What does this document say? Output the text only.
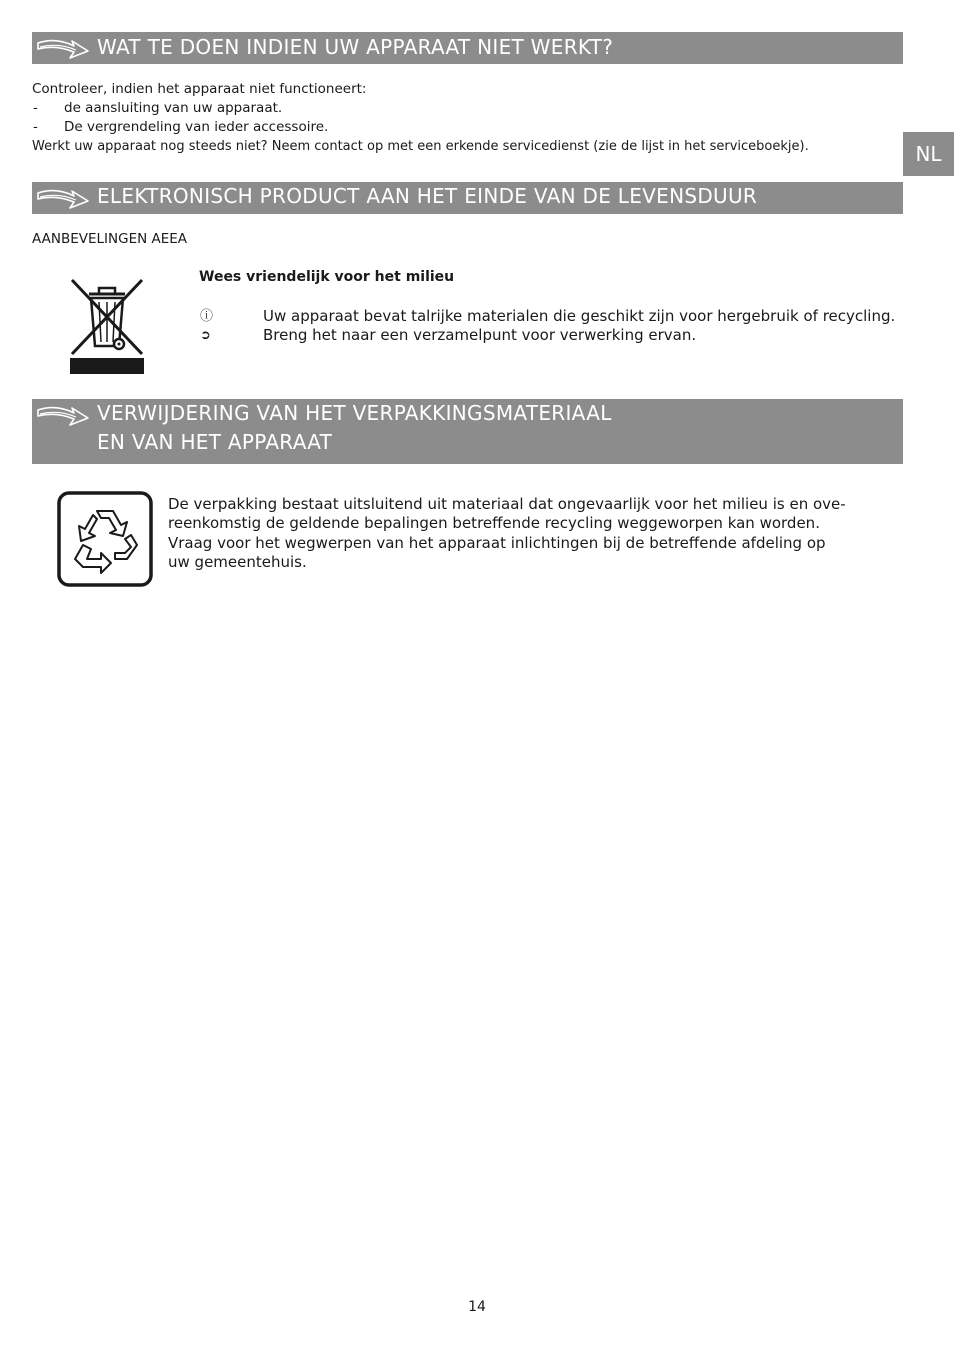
WAT TE DOEN INDIEN UW APPARAAT NIET WERKT?
Controleer, indien het apparaat niet functioneert:
- de aansluiting van uw apparaat.
- De vergrendeling van ieder accessoire.
Werkt uw apparaat nog steeds niet? Neem contact op met een erkende servicedienst (zie de lijst in het serviceboekje).	NL
ELEKTRONISCH PRODUCT AAN HET EINDE VAN DE LEVENSDUUR
AANBEVELINGEN AEEA
Wees vriendelijk voor het milieu
ⓘ	Uw apparaat bevat talrijke materialen die geschikt zijn voor hergebruik of recycling.
➲	Breng het naar een verzamelpunt voor verwerking ervan.
VERWIJDERING VAN HET VERPAKKINGSMATERIAAL
EN VAN HET APPARAAT
De verpakking bestaat uitsluitend uit materiaal dat ongevaarlijk voor het milieu is en ove-
reenkomstig de geldende bepalingen betreffende recycling weggeworpen kan worden.
Vraag voor het wegwerpen van het apparaat inlichtingen bij de betreffende afdeling op
uw gemeentehuis.
14
